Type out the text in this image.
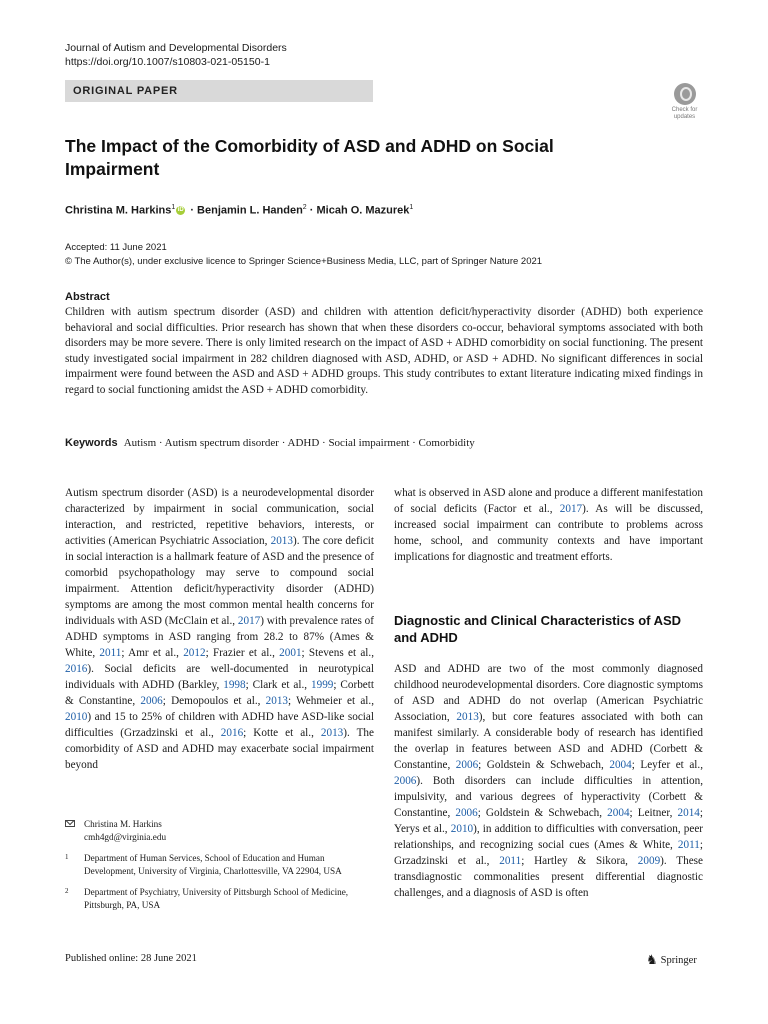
Journal of Autism and Developmental Disorders
https://doi.org/10.1007/s10803-021-05150-1
ORIGINAL PAPER
Check for updates
The Impact of the Comorbidity of ASD and ADHD on Social Impairment
Christina M. Harkins$^1$ iD · Benjamin L. Handen$^2$ · Micah O. Mazurek$^1$
Accepted: 11 June 2021
© The Author(s), under exclusive licence to Springer Science+Business Media, LLC, part of Springer Nature 2021
Abstract

Children with autism spectrum disorder (ASD) and children with attention deficit/hyperactivity disorder (ADHD) both experience behavioral and social difficulties. Prior research has shown that when these disorders co-occur, behavioral symptoms associated with both disorders may be more severe. There is only limited research on the impact of ASD + ADHD comorbidity on social functioning. The present study investigated social impairment in 282 children diagnosed with ASD, ADHD, or ASD + ADHD. No significant differences in social impairment were found between the ASD and ASD + ADHD groups. This study contributes to extant literature indicating mixed findings in regard to social functioning amidst the ASD + ADHD comorbidity.

Keywords Autism · Autism spectrum disorder · ADHD · Social impairment · Comorbidity

Autism spectrum disorder (ASD) is a neurodevelopmental disorder characterized by impairment in social communication, social interaction, and restricted, repetitive behaviors, interests, or activities (American Psychiatric Association, 2013). The core deficit in social interaction is a hallmark feature of ASD and the presence of comorbid psychopathology may serve to compound social impairment. Attention deficit/hyperactivity disorder (ADHD) symptoms are among the most common mental health concerns for individuals with ASD (McClain et al., 2017) with prevalence rates of ADHD symptoms in ASD ranging from 28.2 to 87% (Ames & White, 2011; Amr et al., 2012; Frazier et al., 2001; Stevens et al., 2016). Social deficits are well-documented in neurotypical individuals with ADHD (Barkley, 1998; Clark et al., 1999; Corbett & Constantine, 2006; Demopoulos et al., 2013; Wehmeier et al., 2010) and 15 to 25% of children with ADHD have ASD-like social difficulties (Grzadzinski et al., 2016; Kotte et al., 2013). The comorbidity of ASD and ADHD may exacerbate social impairment beyond

what is observed in ASD alone and produce a different manifestation of social deficits (Factor et al., 2017). As will be discussed, increased social impairment can contribute to problems across home, school, and community contexts and have important implications for diagnostic and treatment efforts.

Diagnostic and Clinical Characteristics of ASD and ADHD

ASD and ADHD are two of the most commonly diagnosed childhood neurodevelopmental disorders. Core diagnostic symptoms of ASD and ADHD do not overlap (American Psychiatric Association, 2013), but core features associated with both can manifest similarly. A considerable body of research has identified the overlap in features between ASD and ADHD (Corbett & Constantine, 2006; Goldstein & Schwebach, 2004; Leyfer et al., 2006). Both disorders can include difficulties in attention, impulsivity, and various degrees of hyperactivity (Corbett & Constantine, 2006; Goldstein & Schwebach, 2004; Leitner, 2014; Yerys et al., 2010), in addition to difficulties with conversation, peer relationships, and recognizing social cues (Ames & White, 2011; Grzadzinski et al., 2011; Hartley & Sikora, 2009). These transdiagnostic commonalities present differential diagnostic challenges, and a diagnosis of ASD is often

Christina M. Harkins
cmh4gd@virginia.edu
1 Department of Human Services, School of Education and Human Development, University of Virginia, Charlottesville, VA 22904, USA
2 Department of Psychiatry, University of Pittsburgh School of Medicine, Pittsburgh, PA, USA
Published online: 28 June 2021	♞ Springer
